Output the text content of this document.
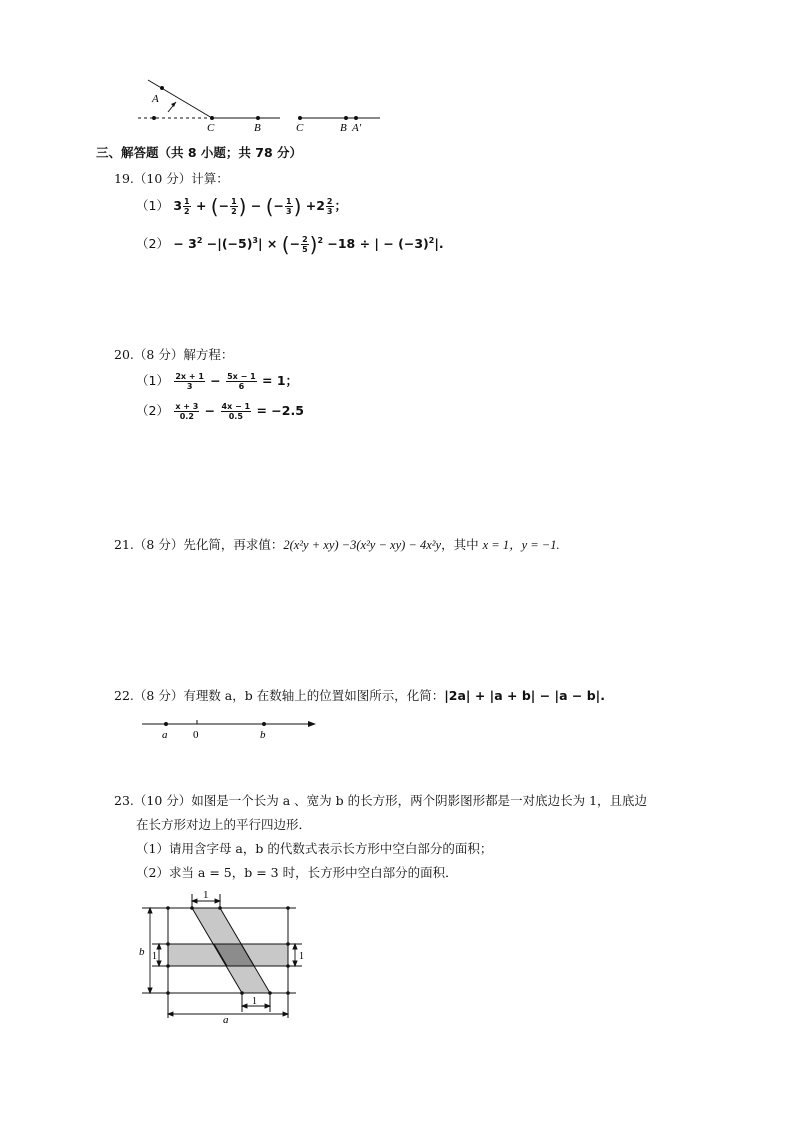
A
C	B	C	B A′
三、解答题（共 8 小题；共 78 分）
19.（10 分）计算：
（1） $3 \frac{1}{2}$ + (− $\frac{1}{2}$ ) − (− $\frac{1}{3}$ ) $+2 \frac{2}{3}$ ；
$(2) - 3^2 -|(-5)^3|$ × (− $\frac{2}{5} )^2 -18$ ÷ | − $(-3)^2|$.
20.（8 分）解方程：
$(1) \frac{2x + 1}{3} - \frac{5x - 1}{6} = 1$；
$(2) \frac{x + 3}{0.2} - \frac{4x - 1}{0.5} = -2.5$
21.（8 分）先化简，再求值：2(x²y + xy) −3(x²y − xy) − 4x²y，其中 x = 1，y = −1.
22.（8 分）有理数 a，b 在数轴上的位置如图所示，化简：|2a| + |a + b| − |a − b|.
a 0	b
23.（10 分）如图是一个长为 a 、宽为 b 的长方形，两个阴影图形都是一对底边长为 1，且底边
在长方形对边上的平行四边形．
（1）请用含字母 a，b 的代数式表示长方形中空白部分的面积；
（2）求当 a = 5，b = 3 时，长方形中空白部分的面积．
1
b 1	1
1
a
